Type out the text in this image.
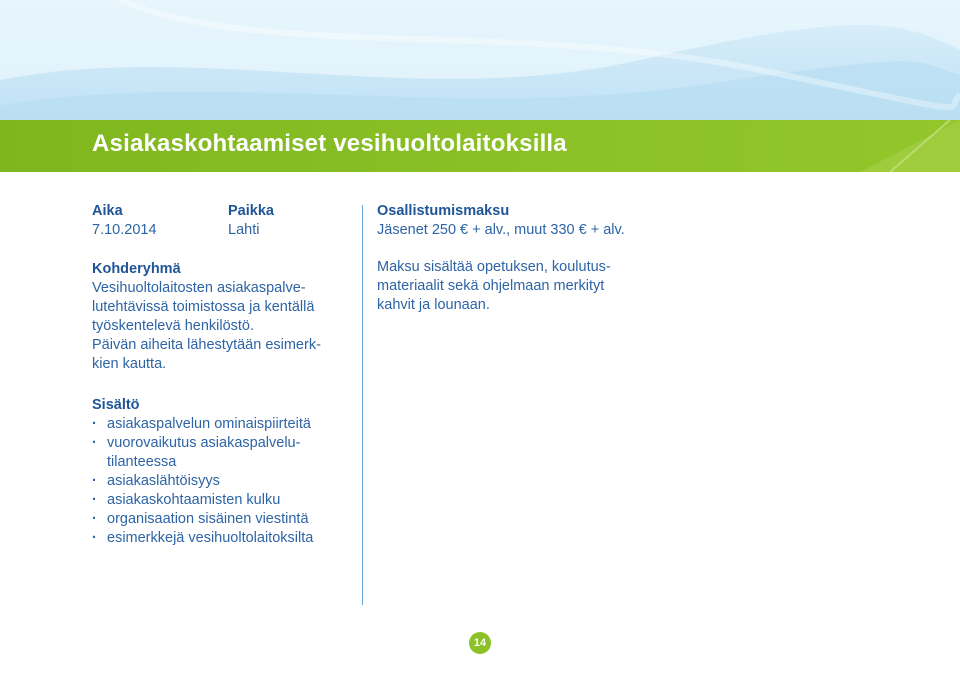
Asiakaskohtaamiset vesihuoltolaitoksilla
Aika
7.10.2014
Paikka
Lahti
Kohderyhmä
Vesihuoltolaitosten asiakaspalve-
lutehtävissä toimistossa ja kentällä
työskentelevä henkilöstö.
Päivän aiheita lähestytään esimerk-
kien kautta.
Sisältö
· asiakaspalvelun ominaispiirteitä
· vuorovaikutus asiakaspalvelu-
tilanteessa
· asiakaslähtöisyys
· asiakaskohtaamisten kulku
· organisaation sisäinen viestintä
· esimerkkejä vesihuoltolaitoksilta
Osallistumismaksu
Jäsenet 250 € + alv., muut 330 € + alv.
Maksu sisältää opetuksen, koulutus-
materiaalit sekä ohjelmaan merkityt
kahvit ja lounaan.
14
